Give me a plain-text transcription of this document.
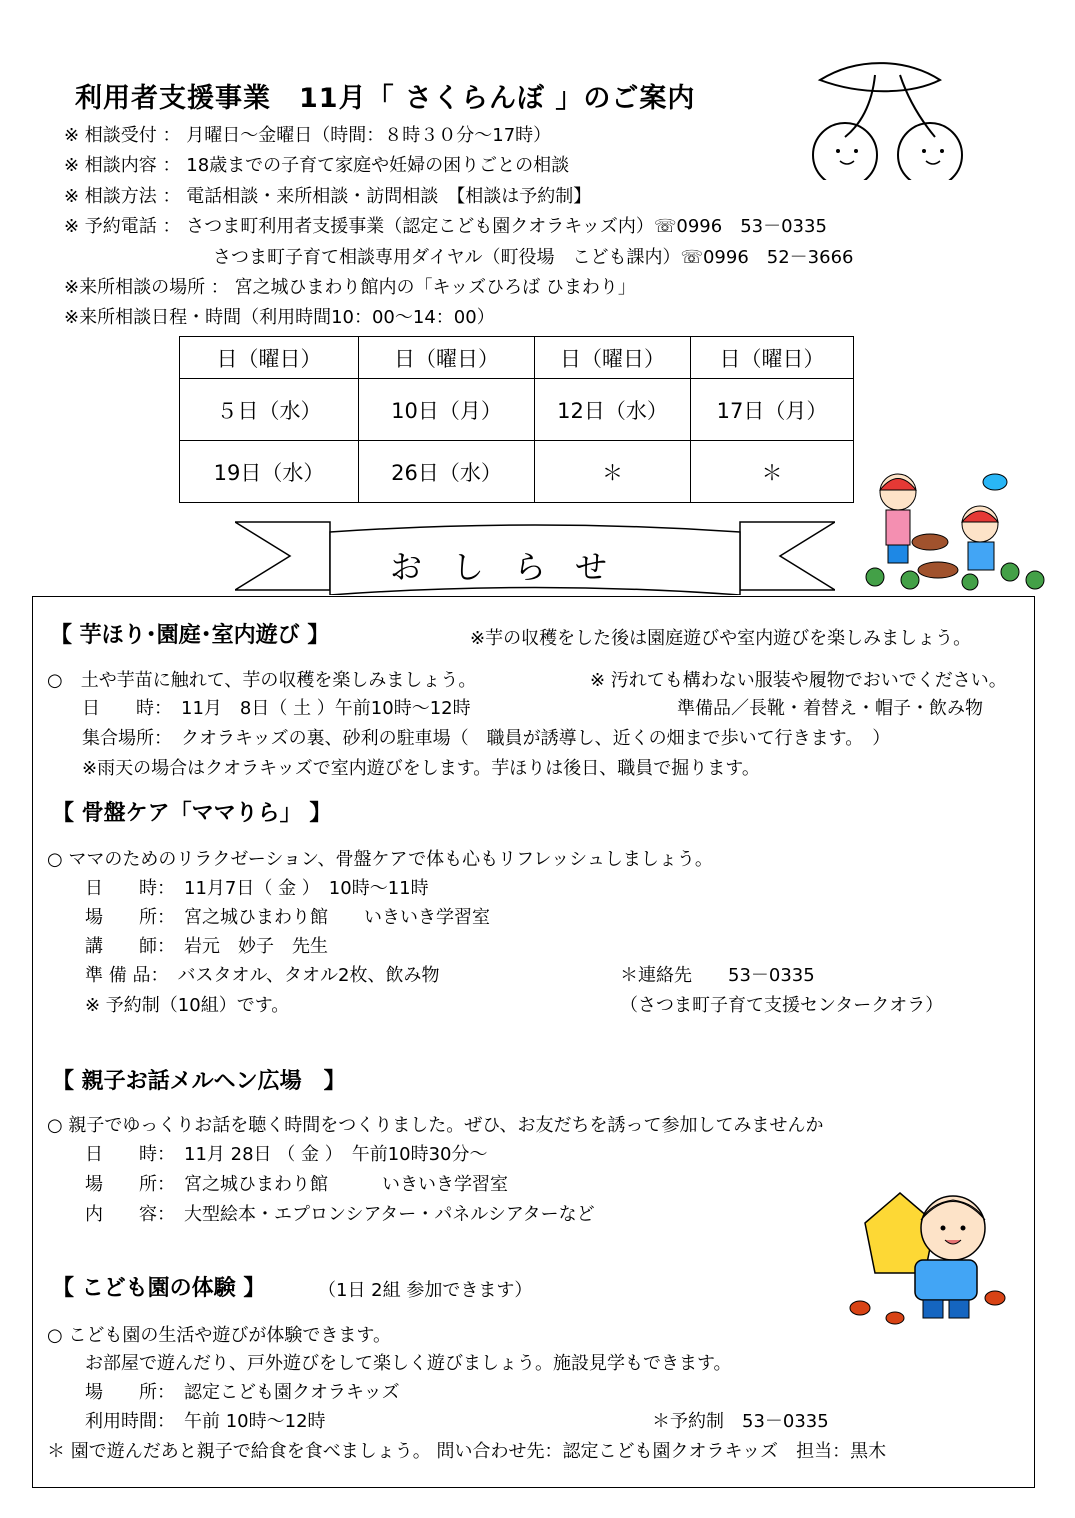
利用者支援事業　11月「 さくらんぼ 」のご案内
※ 相談受付 ： 月曜日～金曜日（時間：８時３０分～17時）
※ 相談内容 ： 18歳までの子育て家庭や妊婦の困りごとの相談
※ 相談方法 ： 電話相談・来所相談・訪問相談　【相談は予約制】
※ 予約電話 ： さつま町利用者支援事業（認定こども園クオラキッズ内）☏0996　53－0335
さつま町子育て相談専用ダイヤル（町役場　こども課内）☏0996　52－3666
※来所相談の場所 ： 宮之城ひまわり館内の「キッズひろば ひまわり」
※来所相談日程・時間（利用時間10：00～14：00）
日（曜日）	日（曜日）	日（曜日）	日（曜日）
５日（水）	10日（月）	12日（水）	17日（月）
19日（水）	26日（水）	＊	＊
おしらせ
【 芋ほり･園庭･室内遊び 】	※芋の収穫をした後は園庭遊びや室内遊びを楽しみましょう。
○　土や芋苗に触れて、芋の収穫を楽しみましょう。	※ 汚れても構わない服装や履物でおいでください。
日　　時：　11月　8日（ 土 ）午前10時～12時	準備品／長靴・着替え・帽子・飲み物
集合場所：　クオラキッズの裏、砂利の駐車場（　職員が誘導し、近くの畑まで歩いて行きます。　）
※雨天の場合はクオラキッズで室内遊びをします。芋ほりは後日、職員で掘ります。
【 骨盤ケア「ママりら」 】
○ ママのためのリラクゼーション、骨盤ケアで体も心もリフレッシュしましょう。
日　　時：　11月7日（ 金 ）　10時～11時
場　　所：　宮之城ひまわり館　　いきいき学習室
講　　師：　岩元　妙子　先生
準 備 品：　バスタオル、タオル2枚、飲み物	＊連絡先　　53－0335
※ 予約制（10組）です。	（さつま町子育て支援センタークオラ）
【 親子お話メルヘン広場　】
○ 親子でゆっくりお話を聴く時間をつくりました。ぜひ、お友だちを誘って参加してみませんか
日　　時：　11月 28日 （ 金 ）　午前10時30分～
場　　所：　宮之城ひまわり館　　　いきいき学習室
内　　容：　大型絵本・エプロンシアター・パネルシアターなど
【 こども園の体験 】	（1日 2組 参加できます）
○ こども園の生活や遊びが体験できます。
お部屋で遊んだり、戸外遊びをして楽しく遊びましょう。施設見学もできます。
場　　所：　認定こども園クオラキッズ
利用時間：　午前 10時～12時	＊予約制　53－0335
＊ 園で遊んだあと親子で給食を食べましょう。 問い合わせ先：認定こども園クオラキッズ　担当：黒木
